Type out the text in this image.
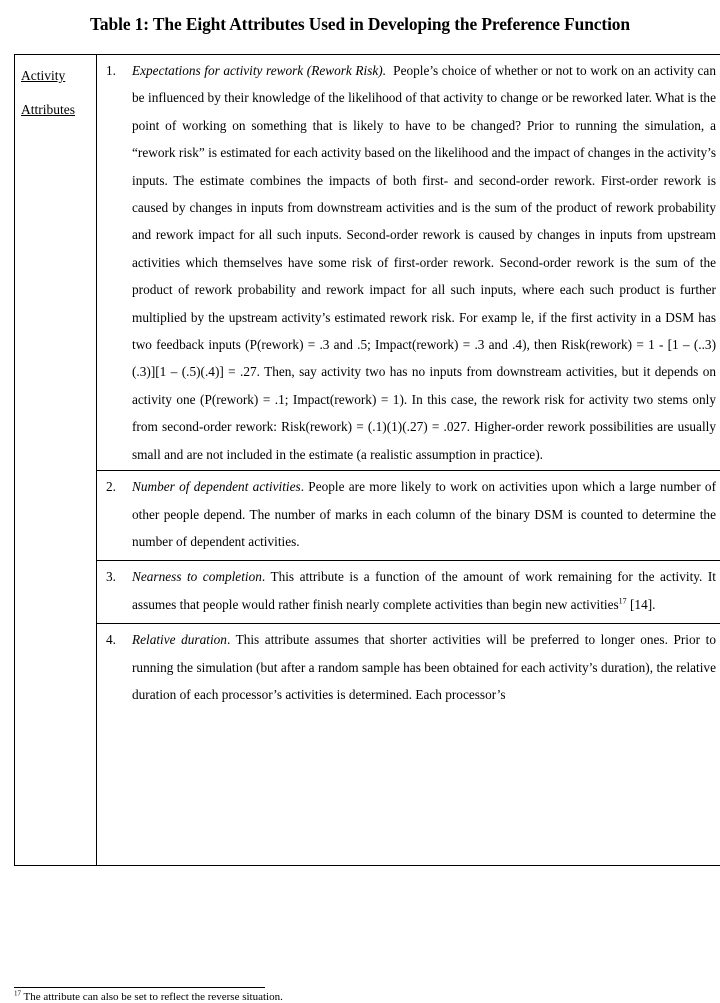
Table 1: The Eight Attributes Used in Developing the Preference Function
Activity
Attributes

1.	Expectations for activity rework (Rework Risk). People’s choice of whether or not to work on an activity can be influenced by their knowledge of the likelihood of that activity to change or be reworked later. What is the point of working on something that is likely to have to be changed? Prior to running the simulation, a “rework risk” is estimated for each activity based on the likelihood and the impact of changes in the activity’s inputs. The estimate combines the impacts of both first- and second-order rework. First-order rework is caused by changes in inputs from downstream activities and is the sum of the product of rework probability and rework impact for all such inputs. Second-order rework is caused by changes in inputs from upstream activities which themselves have some risk of first-order rework. Second-order rework is the sum of the product of rework probability and rework impact for all such inputs, where each such product is further multiplied by the upstream activity’s estimated rework risk. For examp le, if the first activity in a DSM has two feedback inputs (P(rework) = .3 and .5; Impact(rework) = .3 and .4), then Risk(rework) = 1 - [1 – (..3)(.3)][1 – (.5)(.4)] = .27. Then, say activity two has no inputs from downstream activities, but it depends on activity one (P(rework) = .1; Impact(rework) = 1). In this case, the rework risk for activity two stems only from second-order rework: Risk(rework) = (.1)(1)(.27) = .027. Higher-order rework possibilities are usually small and are not included in the estimate (a realistic assumption in practice).

2.	Number of dependent activities. People are more likely to work on activities upon which a large number of other people depend. The number of marks in each column of the binary DSM is counted to determine the number of dependent activities.

3.	Nearness to completion. This attribute is a function of the amount of work remaining for the activity. It assumes that people would rather finish nearly complete activities than begin new activities$^{17}$ [14].

4.	Relative duration. This attribute assumes that shorter activities will be preferred to longer ones. Prior to running the simulation (but after a random sample has been obtained for each activity’s duration), the relative duration of each processor’s activities is determined. Each processor’s
$^{17}$ The attribute can also be set to reflect the reverse situation.
